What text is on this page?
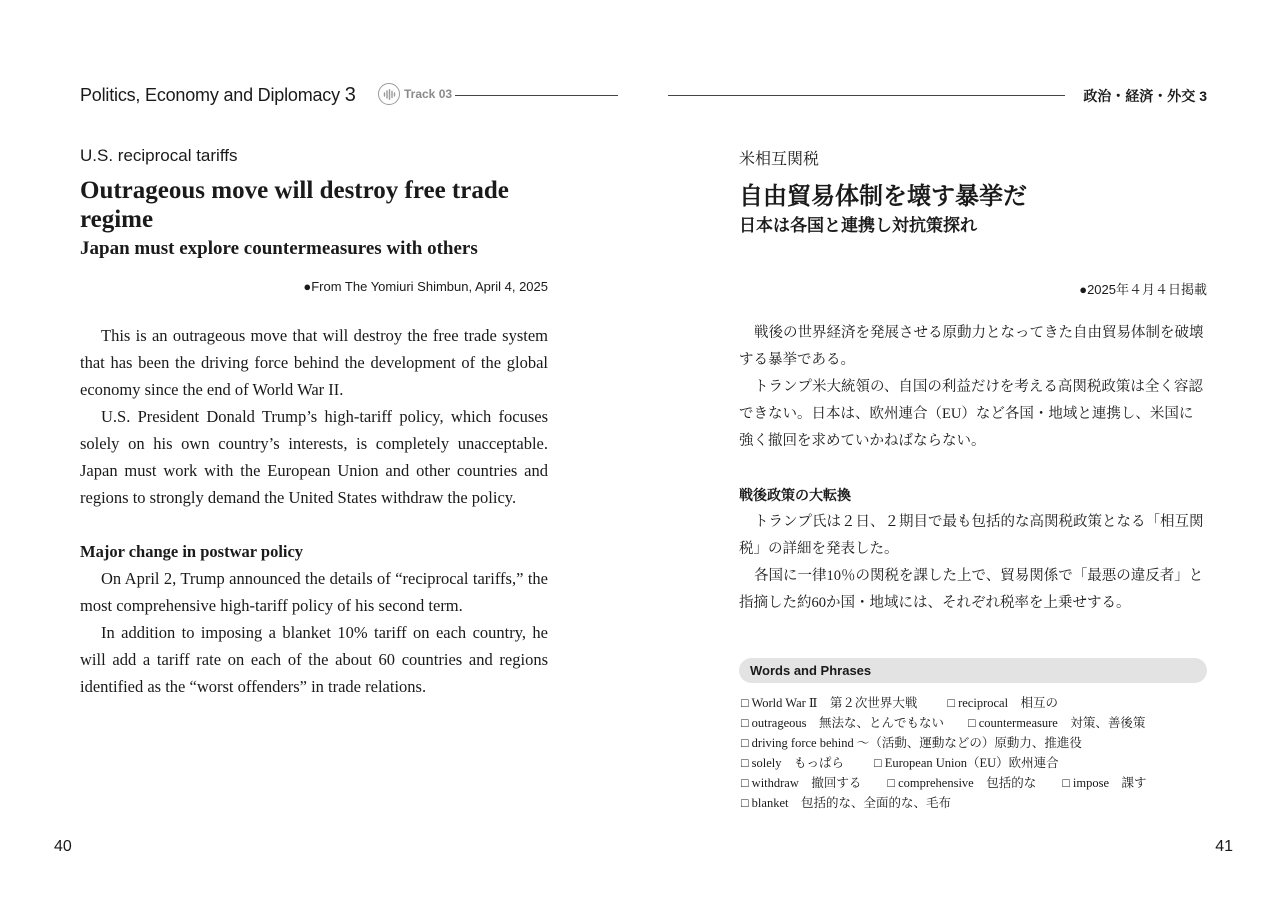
Politics, Economy and Diplomacy 3	Track 03	政治・経済・外交 3
U.S. reciprocal tariffs
Outrageous move will destroy free trade regime
Japan must explore countermeasures with others
●From The Yomiuri Shimbun, April 4, 2025

This is an outrageous move that will destroy the free trade system that has been the driving force behind the development of the global economy since the end of World War II.

U.S. President Donald Trump’s high-tariff policy, which focuses solely on his own country’s interests, is completely unacceptable. Japan must work with the European Union and other countries and regions to strongly demand the United States withdraw the policy.

Major change in postwar policy

On April 2, Trump announced the details of “reciprocal tariffs,” the most comprehensive high-tariff policy of his second term.

In addition to imposing a blanket 10% tariff on each country, he will add a tariff rate on each of the about 60 countries and regions identified as the “worst offenders” in trade relations.

米相互関税
自由貿易体制を壊す暴挙だ
日本は各国と連携し対抗策探れ
●2025年４月４日掲載

戦後の世界経済を発展させる原動力となってきた自由貿易体制を破壊する暴挙である。

トランプ米大統領の、自国の利益だけを考える高関税政策は全く容認できない。日本は、欧州連合（EU）など各国・地域と連携し、米国に強く撤回を求めていかねばならない。

戦後政策の大転換

トランプ氏は２日、２期目で最も包括的な高関税政策となる「相互関税」の詳細を発表した。

各国に一律10％の関税を課した上で、貿易関係で「最悪の違反者」と指摘した約60か国・地域には、それぞれ税率を上乗せする。

Words and Phrases
□ World War Ⅱ　第２次世界大戦 □ reciprocal　相互の
□ outrageous　無法な、とんでもない □ countermeasure　対策、善後策
□ driving force behind ～（活動、運動などの）原動力、推進役
□ solely　もっぱら □ European Union（EU）欧州連合
□ withdraw　撤回する □ comprehensive　包括的な □ impose　課す
□ blanket　包括的な、全面的な、毛布
40	41
